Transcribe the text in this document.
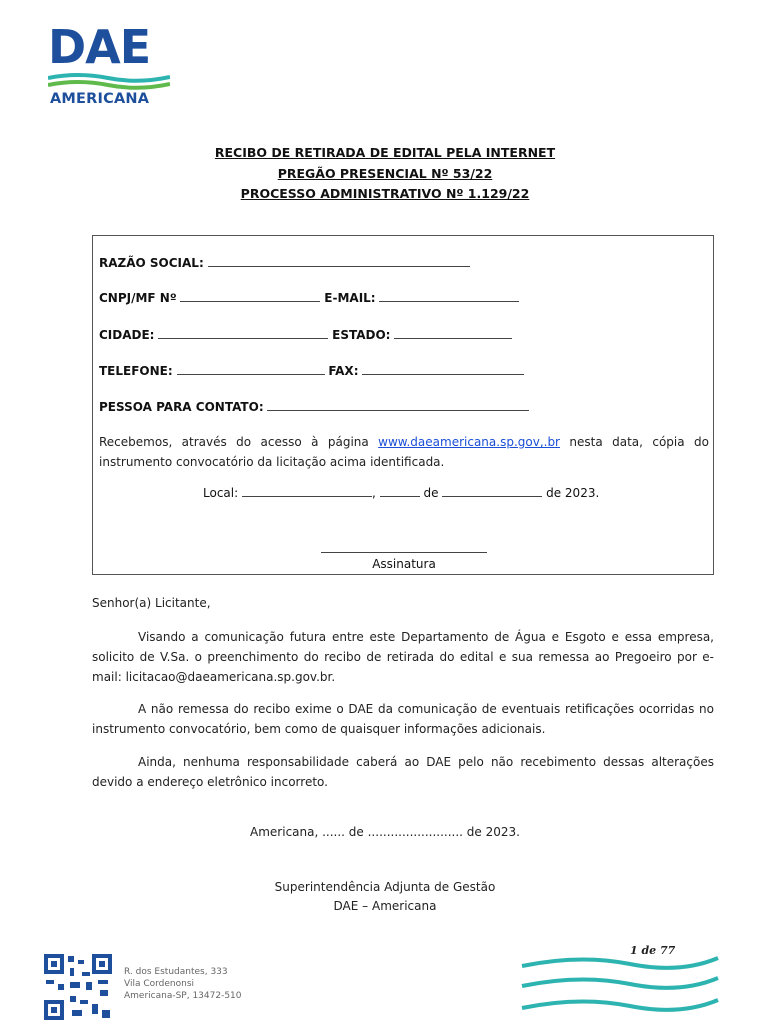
DAE
AMERICANA
RECIBO DE RETIRADA DE EDITAL PELA INTERNET
PREGÃO PRESENCIAL Nº 53/22
PROCESSO ADMINISTRATIVO Nº 1.129/22
RAZÃO SOCIAL:
CNPJ/MF Nº	E-MAIL:
CIDADE:	ESTADO:
TELEFONE:	FAX:
PESSOA PARA CONTATO:
Recebemos, através do acesso à página www.daeamericana.sp.gov,.br nesta data, cópia do instrumento convocatório da licitação acima identificada.
Local:	,	de	de 2023.
Assinatura
Senhor(a) Licitante,
Visando a comunicação futura entre este Departamento de Água e Esgoto e essa empresa, solicito de V.Sa. o preenchimento do recibo de retirada do edital e sua remessa ao Pregoeiro por e-mail: licitacao@daeamericana.sp.gov.br.
A não remessa do recibo exime o DAE da comunicação de eventuais retificações ocorridas no instrumento convocatório, bem como de quaisquer informações adicionais.
Ainda, nenhuma responsabilidade caberá ao DAE pelo não recebimento dessas alterações devido a endereço eletrônico incorreto.
Americana, ...... de ......................... de 2023.
Superintendência Adjunta de Gestão
DAE – Americana
R. dos Estudantes, 333
Vila Cordenonsi
Americana-SP, 13472-510
1 de 77
